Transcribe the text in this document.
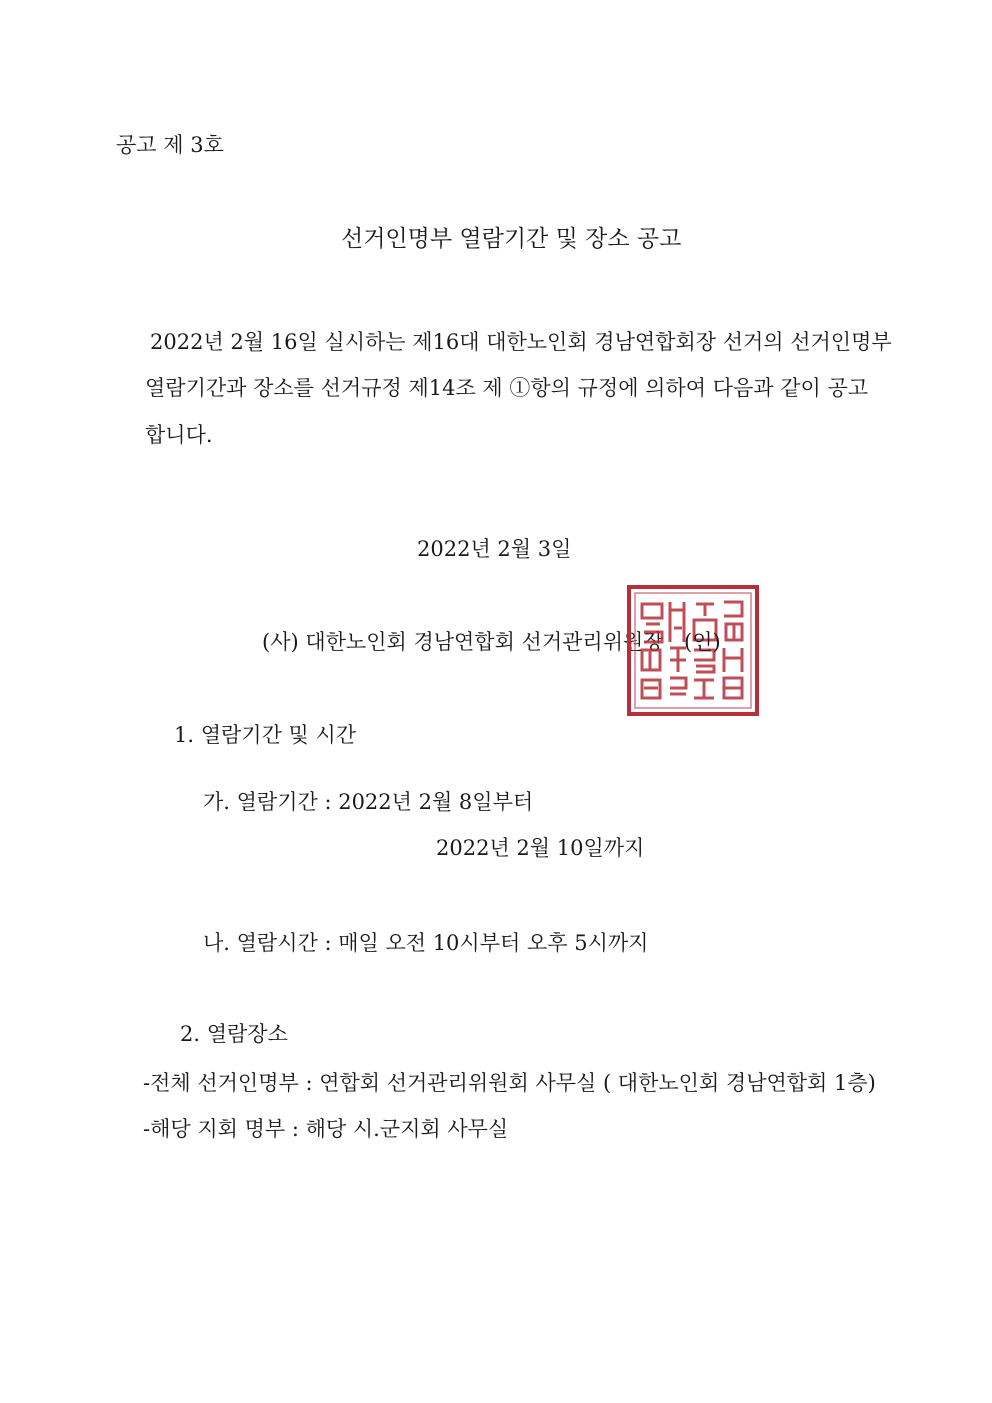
공고 제 3호
선거인명부 열람기간 및 장소 공고
2022년 2월 16일 실시하는 제16대 대한노인회 경남연합회장 선거의 선거인명부
열람기간과 장소를 선거규정 제14조 제 ①항의 규정에 의하여 다음과 같이 공고
합니다.
2022년 2월 3일
(사) 대한노인회 경남연합회 선거관리위원장 (인)
1. 열람기간 및 시간
가. 열람기간 : 2022년 2월 8일부터
2022년 2월 10일까지
나. 열람시간 : 매일 오전 10시부터 오후 5시까지
2. 열람장소
-전체 선거인명부 : 연합회 선거관리위원회 사무실 ( 대한노인회 경남연합회 1층)
-해당 지회 명부 : 해당 시.군지회 사무실
